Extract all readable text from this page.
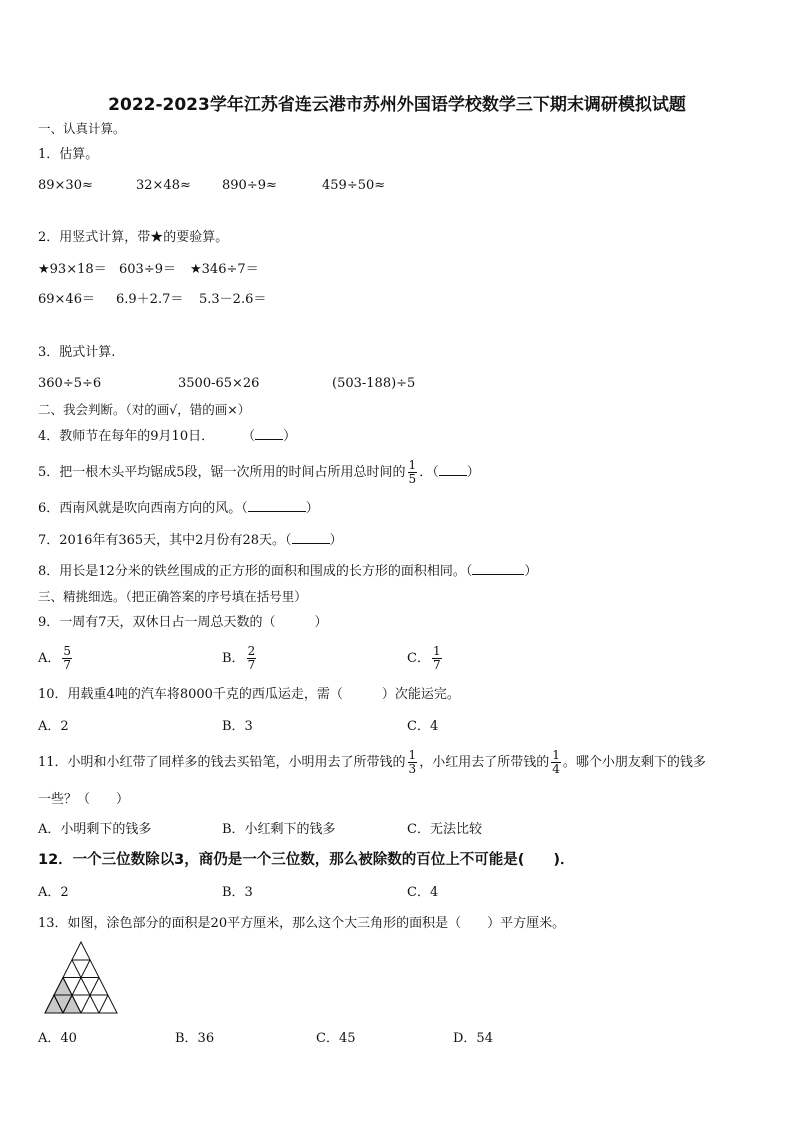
2022-2023学年江苏省连云港市苏州外国语学校数学三下期末调研模拟试题
一、认真计算。
1．估算。
89×30≈	32×48≈ 890÷9≈	459÷50≈
2．用竖式计算，带★的要验算。
★93×18＝ 603÷9＝ ★346÷7＝
69×46＝ 6.9＋2.7＝ 5.3－2.6＝
3．脱式计算.
360÷5÷6	3500-65×26	(503-188)÷5
二、我会判断。（对的画√，错的画×）
4．教师节在每年的9月10日． （ ）
5．把一根木头平均锯成5段，锯一次所用的时间占所用总时间的 $\frac{1}{5}$ ．（ ）
6．西南风就是吹向西南方向的风。（	）
7．2016年有365天，其中2月份有28天。（	）
8．用长是12分米的铁丝围成的正方形的面积和围成的长方形的面积相同。（	）
三、精挑细选。（把正确答案的序号填在括号里）
9．一周有7天，双休日占一周总天数的（　　　）
A． $\frac{5}{7}$	B． $\frac{2}{7}$	C． $\frac{1}{7}$
10．用载重4吨的汽车将8000千克的西瓜运走，需（　　　）次能运完。
A．2	B．3	C．4
11．小明和小红带了同样多的钱去买铅笔，小明用去了所带钱的 $\frac{1}{3}$ ，小红用去了所带钱的 $\frac{1}{4}$ 。哪个小朋友剩下的钱多
一些？（　　）
A．小明剩下的钱多	B．小红剩下的钱多	C．无法比较
12．一个三位数除以3，商仍是一个三位数，那么被除数的百位上不可能是(　　)．
A．2	B．3	C．4
13．如图，涂色部分的面积是20平方厘米，那么这个大三角形的面积是（　　）平方厘米。
A．40	B．36	C．45	D．54
